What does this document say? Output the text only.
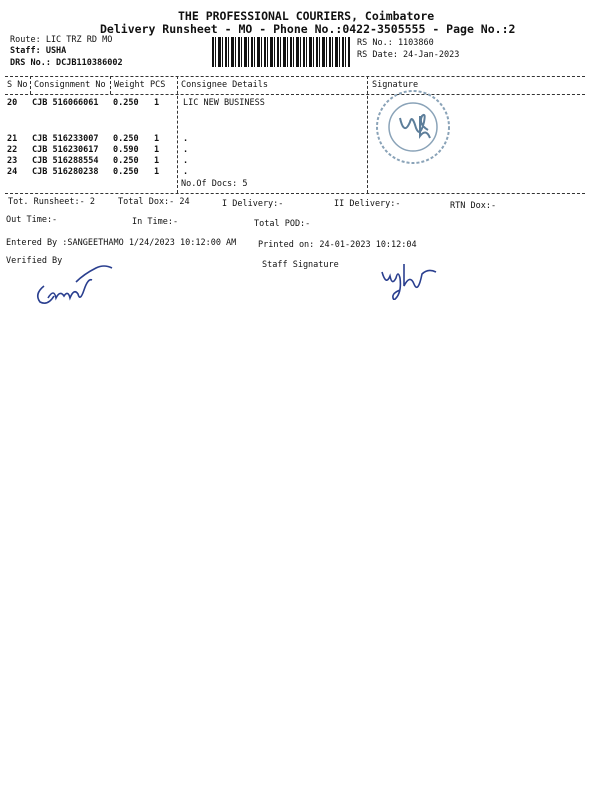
THE PROFESSIONAL COURIERS, Coimbatore
Delivery Runsheet - MO - Phone No.:0422-3505555 - Page No.:2
Route: LIC TRZ RD MO
Staff: USHA
DRS No.: DCJB110386002
RS No.: 1103860
RS Date: 24-Jan-2023
S No Consignment No Weight PCS Consignee Details	Signature
20 CJB 516066061 0.250 1	LIC NEW BUSINESS
21 CJB 516233007 0.250 1	.
22 CJB 516230617 0.590 1	.
23 CJB 516288554 0.250 1	.
24 CJB 516280238 0.250 1	.
No.Of Docs: 5
Tot. Runsheet:- 2	Total Dox:- 24	I Delivery:-	II Delivery:-	RTN Dox:-
Out Time:-	In Time:-	Total POD:-
Entered By :SANGEETHAMO 1/24/2023 10:12:00 AM	Printed on: 24-01-2023 10:12:04
Verified By	Staff Signature
